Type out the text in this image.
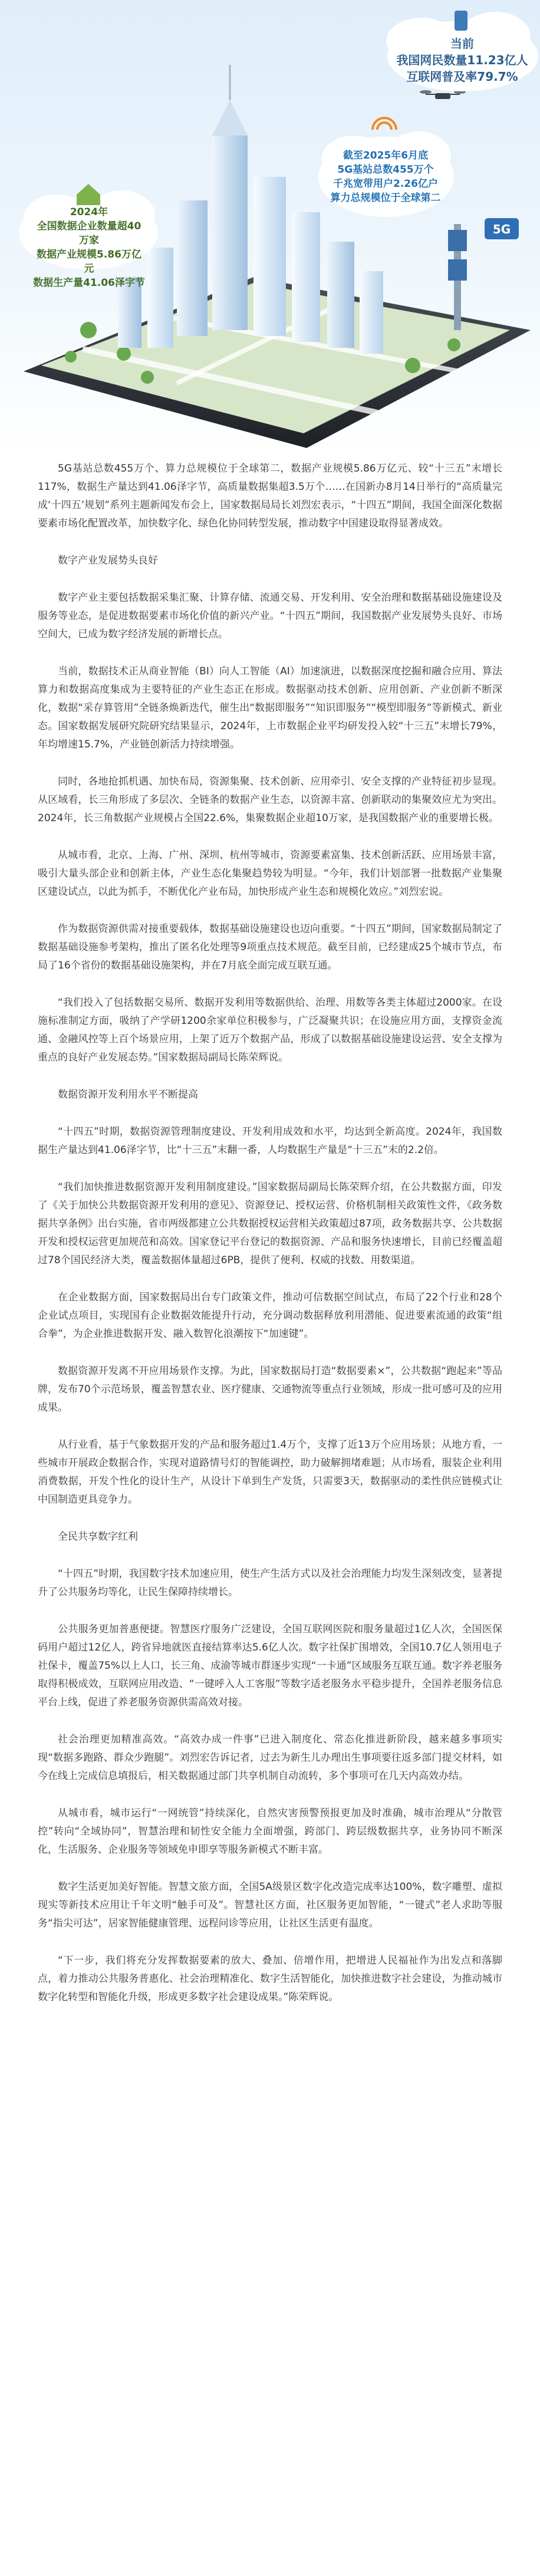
5G
当前
我国网民数量11.23亿人
互联网普及率79.7%
截至2025年6月底
5G基站总数455万个
千兆宽带用户2.26亿户
算力总规模位于全球第二
2024年
全国数据企业数量超40万家
数据产业规模5.86万亿元
数据生产量41.06泽字节

5G基站总数455万个、算力总规模位于全球第二，数据产业规模5.86万亿元、较“十三五”末增长117%，数据生产量达到41.06泽字节，高质量数据集超3.5万个……在国新办8月14日举行的“高质量完成‘十四五’规划”系列主题新闻发布会上，国家数据局局长刘烈宏表示，“十四五”期间，我国全面深化数据要素市场化配置改革，加快数字化、绿色化协同转型发展，推动数字中国建设取得显著成效。

数字产业发展势头良好

数字产业主要包括数据采集汇聚、计算存储、流通交易、开发利用、安全治理和数据基础设施建设及服务等业态，是促进数据要素市场化价值的新兴产业。“十四五”期间，我国数据产业发展势头良好、市场空间大，已成为数字经济发展的新增长点。

当前，数据技术正从商业智能（BI）向人工智能（AI）加速演进，以数据深度挖掘和融合应用、算法算力和数据高度集成为主要特征的产业生态正在形成。数据驱动技术创新、应用创新、产业创新不断深化，数据“采存算管用”全链条焕新迭代，催生出“数据即服务”“知识即服务”“模型即服务”等新模式、新业态。国家数据发展研究院研究结果显示，2024年，上市数据企业平均研发投入较“十三五”末增长79%，年均增速15.7%，产业链创新活力持续增强。

同时，各地抢抓机遇、加快布局，资源集聚、技术创新、应用牵引、安全支撑的产业特征初步显现。从区域看，长三角形成了多层次、全链条的数据产业生态，以资源丰富、创新联动的集聚效应尤为突出。2024年，长三角数据产业规模占全国22.6%，集聚数据企业超10万家，是我国数据产业的重要增长极。

从城市看，北京、上海、广州、深圳、杭州等城市，资源要素富集、技术创新活跃、应用场景丰富，吸引大量头部企业和创新主体，产业生态化集聚趋势较为明显。“今年，我们计划部署一批数据产业集聚区建设试点，以此为抓手，不断优化产业布局，加快形成产业生态和规模化效应。”刘烈宏说。

作为数据资源供需对接重要载体，数据基础设施建设也迈向重要。“十四五”期间，国家数据局制定了数据基础设施参考架构，推出了匿名化处理等9项重点技术规范。截至目前，已经建成25个城市节点，布局了16个省份的数据基础设施架构，并在7月底全面完成互联互通。

“我们投入了包括数据交易所、数据开发利用等数据供给、治理、用数等各类主体超过2000家。在设施标准制定方面，吸纳了产学研1200余家单位积极参与，广泛凝聚共识；在设施应用方面，支撑资金流通、金融风控等上百个场景应用，上架了近万个数据产品，形成了以数据基础设施建设运营、安全支撑为重点的良好产业发展态势。”国家数据局副局长陈荣辉说。

数据资源开发利用水平不断提高

“十四五”时期，数据资源管理制度建设、开发利用成效和水平，均达到全新高度。2024年，我国数据生产量达到41.06泽字节，比“十三五”末翻一番，人均数据生产量是“十三五”末的2.2倍。

“我们加快推进数据资源开发利用制度建设。”国家数据局副局长陈荣辉介绍，在公共数据方面，印发了《关于加快公共数据资源开发利用的意见》、资源登记、授权运营、价格机制相关政策性文件，《政务数据共享条例》出台实施，省市两级都建立公共数据授权运营相关政策超过87项，政务数据共享、公共数据开发和授权运营更加规范和高效。国家登记平台登记的数据资源、产品和服务快速增长，目前已经覆盖超过78个国民经济大类，覆盖数据体量超过6PB，提供了便利、权威的找数、用数渠道。

在企业数据方面，国家数据局出台专门政策文件，推动可信数据空间试点，布局了22个行业和28个企业试点项目，实现国有企业数据效能提升行动，充分调动数据释放利用潜能、促进要素流通的政策“组合拳”，为企业推进数据开发、融入数智化浪潮按下“加速键”。

数据资源开发离不开应用场景作支撑。为此，国家数据局打造“数据要素×”，公共数据“跑起来”等品牌，发布70个示范场景，覆盖智慧农业、医疗健康、交通物流等重点行业领域，形成一批可感可及的应用成果。

从行业看，基于气象数据开发的产品和服务超过1.4万个，支撑了近13万个应用场景；从地方看，一些城市开展政企数据合作，实现对道路情号灯的智能调控，助力破解拥堵难题；从市场看，服装企业利用消费数据，开发个性化的设计生产，从设计下单到生产发货，只需要3天，数据驱动的柔性供应链模式让中国制造更具竞争力。

全民共享数字红利

“十四五”时期，我国数字技术加速应用，使生产生活方式以及社会治理能力均发生深刻改变，显著提升了公共服务均等化，让民生保障持续增长。

公共服务更加普惠便捷。智慧医疗服务广泛建设，全国互联网医院和服务量超过1亿人次，全国医保码用户超过12亿人，跨省异地就医直接结算率达5.6亿人次。数字社保扩围增效，全国10.7亿人领用电子社保卡，覆盖75%以上人口，长三角、成渝等城市群逐步实现“一卡通”区域服务互联互通。数字养老服务取得积极成效，互联网应用改造、“一键呼入人工客服”等数字适老服务水平稳步提升，全国养老服务信息平台上线，促进了养老服务资源供需高效对接。

社会治理更加精准高效。“高效办成一件事”已进入制度化、常态化推进新阶段，越来越多事项实现“数据多跑路、群众少跑腿”。刘烈宏告诉记者，过去为新生儿办理出生事项要往返多部门提交材料，如今在线上完成信息填报后，相关数据通过部门共享机制自动流转，多个事项可在几天内高效办结。

从城市看，城市运行“一网统管”持续深化，自然灾害预警预报更加及时准确，城市治理从“分散管控”转向“全域协同”，智慧治理和韧性安全能力全面增强，跨部门、跨层级数据共享，业务协同不断深化，生活服务、企业服务等领域免申即享等服务新模式不断丰富。

数字生活更加美好智能。智慧文旅方面，全国5A级景区数字化改造完成率达100%，数字雕塑、虚拟现实等新技术应用让千年文明“触手可及”。智慧社区方面，社区服务更加智能，“一键式”老人求助等服务“指尖可达”，居家智能健康管理、远程问诊等应用，让社区生活更有温度。

“下一步，我们将充分发挥数据要素的放大、叠加、倍增作用，把增进人民福祉作为出发点和落脚点，着力推动公共服务普惠化、社会治理精准化、数字生活智能化，加快推进数字社会建设，为推动城市数字化转型和智能化升级，形成更多数字社会建设成果。”陈荣辉说。
